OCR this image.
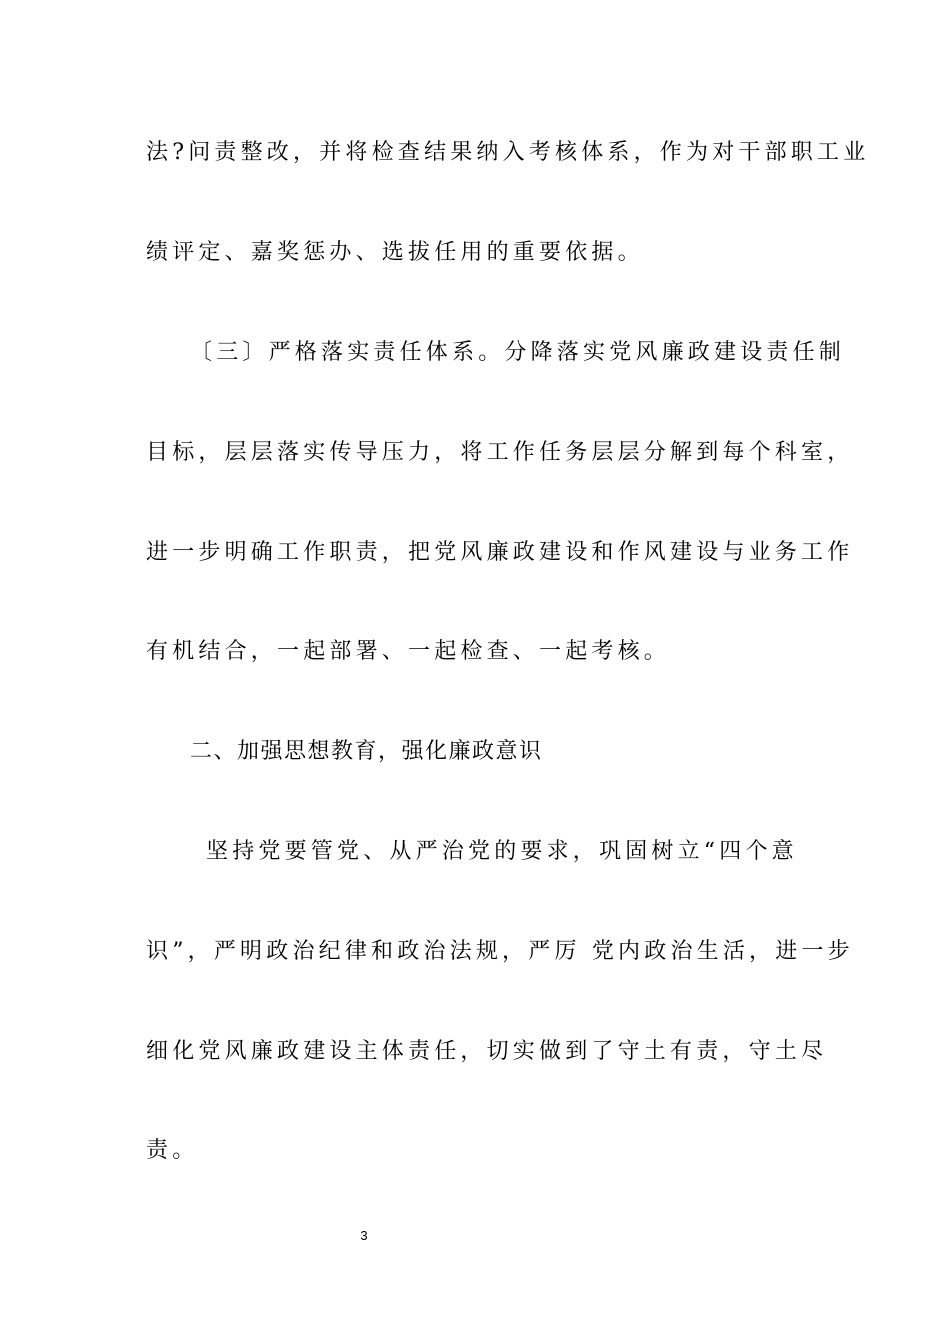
法?问责整改，并将检查结果纳入考核体系，作为对干部职工业
绩评定、嘉奖惩办、选拔任用的重要依据。
〔三〕严格落实责任体系。分降落实党风廉政建设责任制
目标，层层落实传导压力，将工作任务层层分解到每个科室，
进一步明确工作职责，把党风廉政建设和作风建设与业务工作
有机结合，一起部署、一起检查、一起考核。
二、加强思想教育，强化廉政意识
坚持党要管党、从严治党的要求，巩固树立“四个意
识”，严明政治纪律和政治法规，严厉 党内政治生活，进一步
细化党风廉政建设主体责任，切实做到了守土有责，守土尽
责。
3
